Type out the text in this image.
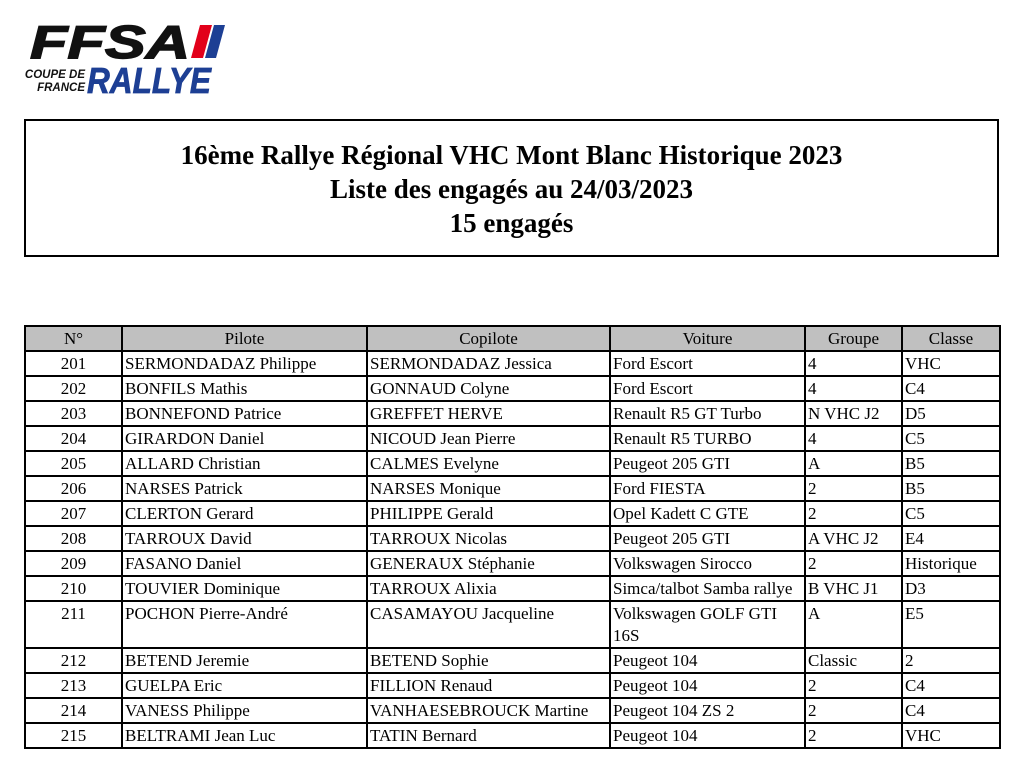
FFSA
COUPE DE
FRANCE RALLYE
16ème Rallye Régional VHC Mont Blanc Historique 2023
Liste des engagés au 24/03/2023
15 engagés
N°	Pilote	Copilote	Voiture	Groupe	Classe
201	SERMONDADAZ Philippe	SERMONDADAZ Jessica	Ford Escort	4	VHC
202	BONFILS Mathis	GONNAUD Colyne	Ford Escort	4	C4
203	BONNEFOND Patrice	GREFFET HERVE	Renault R5 GT Turbo	N VHC J2	D5
204	GIRARDON Daniel	NICOUD Jean Pierre	Renault R5 TURBO	4	C5
205	ALLARD Christian	CALMES Evelyne	Peugeot 205 GTI	A	B5
206	NARSES Patrick	NARSES Monique	Ford FIESTA	2	B5
207	CLERTON Gerard	PHILIPPE Gerald	Opel Kadett C GTE	2	C5
208	TARROUX David	TARROUX Nicolas	Peugeot 205 GTI	A VHC J2	E4
209	FASANO Daniel	GENERAUX Stéphanie	Volkswagen Sirocco	2	Historique
210	TOUVIER Dominique	TARROUX Alixia	Simca/talbot Samba rallye	B VHC J1	D3
211	POCHON Pierre-André	CASAMAYOU Jacqueline	Volkswagen GOLF GTI 16S	A	E5
212	BETEND Jeremie	BETEND Sophie	Peugeot 104	Classic	2
213	GUELPA Eric	FILLION Renaud	Peugeot 104	2	C4
214	VANESS Philippe	VANHAESEBROUCK Martine	Peugeot 104 ZS 2	2	C4
215	BELTRAMI Jean Luc	TATIN Bernard	Peugeot 104	2	VHC
